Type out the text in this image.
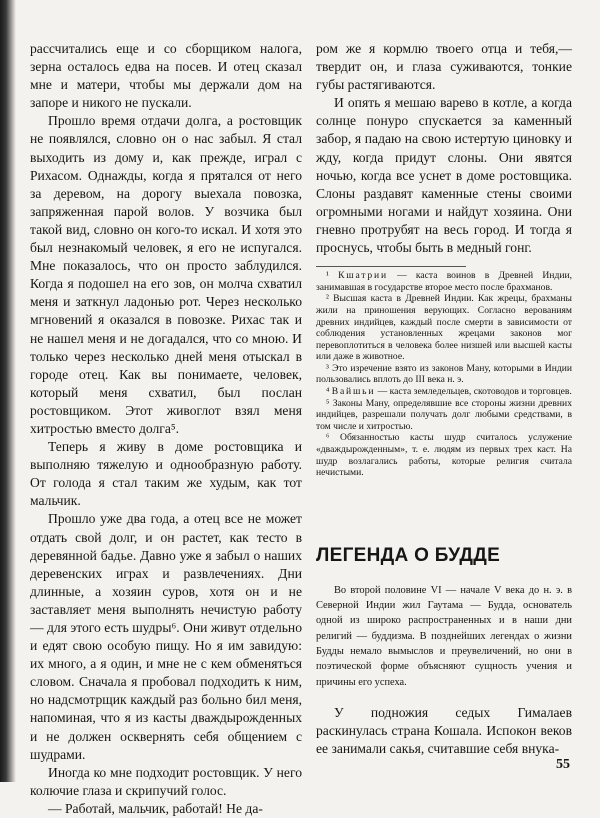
рассчитались еще и со сборщиком налога, зерна осталось едва на посев. И отец сказал мне и матери, чтобы мы держали дом на запоре и никого не пускали.

Прошло время отдачи долга, а ростовщик не появлялся, словно он о нас забыл. Я стал выходить из дому и, как прежде, играл с Рихасом. Однажды, когда я прятался от него за деревом, на дорогу выехала повозка, запряженная парой волов. У возчика был такой вид, словно он кого-то искал. И хотя это был незнакомый человек, я его не испугался. Мне показалось, что он просто заблудился. Когда я подошел на его зов, он молча схватил меня и заткнул ладонью рот. Через несколько мгновений я оказался в повозке. Рихас так и не нашел меня и не догадался, что со мною. И только через несколько дней меня отыскал в городе отец. Как вы понимаете, человек, который меня схватил, был послан ростовщиком. Этот живоглот взял меня хитростью вместо долга⁵.

Теперь я живу в доме ростовщика и выполняю тяжелую и однообразную работу. От голода я стал таким же худым, как тот мальчик.

Прошло уже два года, а отец все не может отдать свой долг, и он растет, как тесто в деревянной бадье. Давно уже я забыл о наших деревенских играх и развлечениях. Дни длинные, а хозяин суров, хотя он и не заставляет меня выполнять нечистую работу — для этого есть шудры⁶. Они живут отдельно и едят свою особую пищу. Но я им завидую: их много, а я один, и мне не с кем обменяться словом. Сначала я пробовал подходить к ним, но надсмотрщик каждый раз больно бил меня, напоминая, что я из касты дваждырожденных и не должен осквернять себя общением с шудрами.

Иногда ко мне подходит ростовщик. У него колючие глаза и скрипучий голос.

— Работай, мальчик, работай! Не да-

ром же я кормлю твоего отца и тебя,— твердит он, и глаза суживаются, тонкие губы растягиваются.

И опять я мешаю варево в котле, а когда солнце понуро спускается за каменный забор, я падаю на свою истертую циновку и жду, когда придут слоны. Они явятся ночью, когда все уснет в доме ростовщика. Слоны раздавят каменные стены своими огромными ногами и найдут хозяина. Они гневно протрубят на весь город. И тогда я проснусь, чтобы быть в медный гонг.

¹ Кшатрии — каста воинов в Древней Индии, занимавшая в государстве второе место после брахманов.

² Высшая каста в Древней Индии. Как жрецы, брахманы жили на приношения верующих. Согласно верованиям древних индийцев, каждый после смерти в зависимости от соблюдения установленных жрецами законов мог перевоплотиться в человека более низшей или высшей касты или даже в животное.

³ Это изречение взято из законов Ману, которыми в Индии пользовались вплоть до III века н. э.

⁴ Вайшьи — каста земледельцев, скотоводов и торговцев.

⁵ Законы Ману, определявшие все стороны жизни древних индийцев, разрешали получать долг любыми средствами, в том числе и хитростью.

⁶ Обязанностью касты шудр считалось услужение «дваждырожденным», т. е. людям из первых трех каст. На шудр возлагались работы, которые религия считала нечистыми.

ЛЕГЕНДА О БУДДЕ

Во второй половине VI — начале V века до н. э. в Северной Индии жил Гаутама — Будда, основатель одной из широко распространенных и в наши дни религий — буддизма. В позднейших легендах о жизни Будды немало вымыслов и преувеличений, но они в поэтической форме объясняют сущность учения и причины его успеха.

У подножия седых Гималаев раскинулась страна Кошала. Испокон веков ее занимали сакья, считавшие себя внука-

55
